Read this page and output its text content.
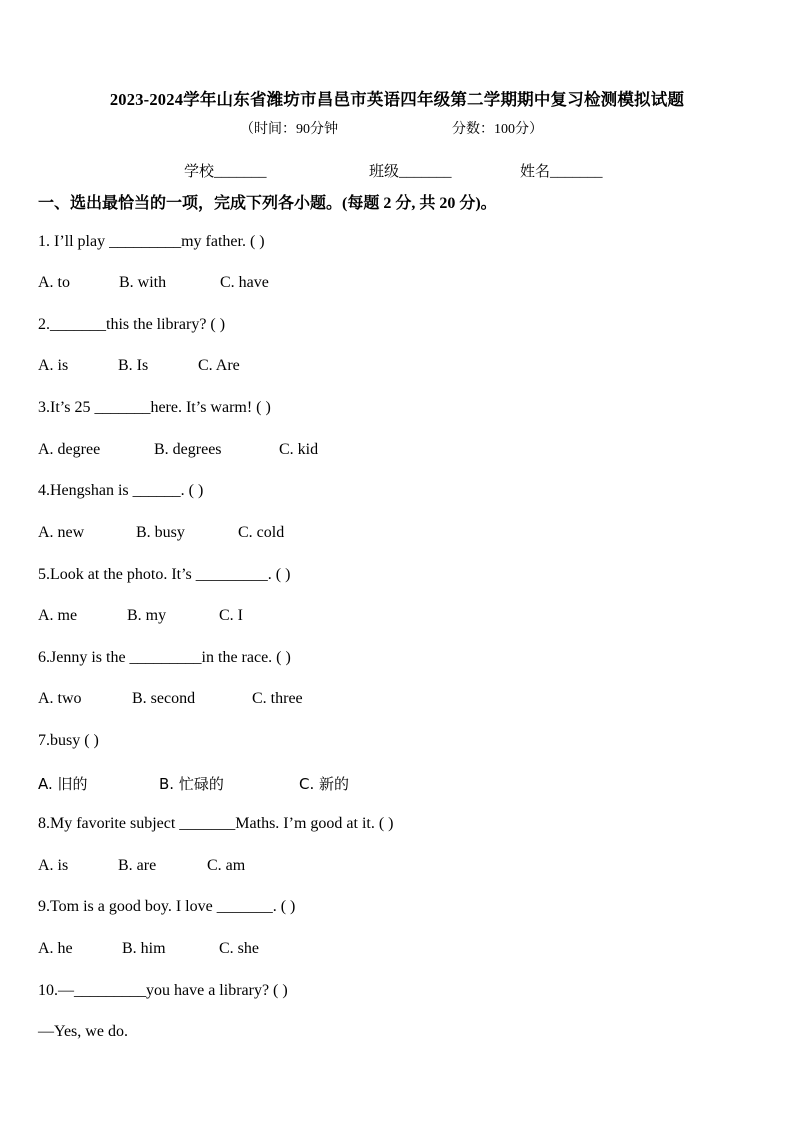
2023-2024学年山东省潍坊市昌邑市英语四年级第二学期期中复习检测模拟试题
（时间：90分钟	分数：100分）
学校_______	班级_______	姓名_______
一、选出最恰当的一项，完成下列各小题。(每题 2 分, 共 20 分)。
1. I’ll play _________my father. ( )
A. to	B. with	C. have
2._______this the library? ( )
A. is	B. Is	C. Are
3.It’s 25 _______here. It’s warm! ( )
A. degree	B. degrees	C. kid
4.Hengshan is ______. ( )
A. new	B. busy	C. cold
5.Look at the photo. It’s _________. ( )
A. me	B. my	C. I
6.Jenny is the _________in the race. ( )
A. two	B. second	C. three
7.busy ( )
A. 旧的	B. 忙碌的	C. 新的
8.My favorite subject _______Maths. I’m good at it. ( )
A. is	B. are	C. am
9.Tom is a good boy. I love _______. ( )
A. he	B. him	C. she
10.—_________you have a library? ( )
—Yes, we do.
